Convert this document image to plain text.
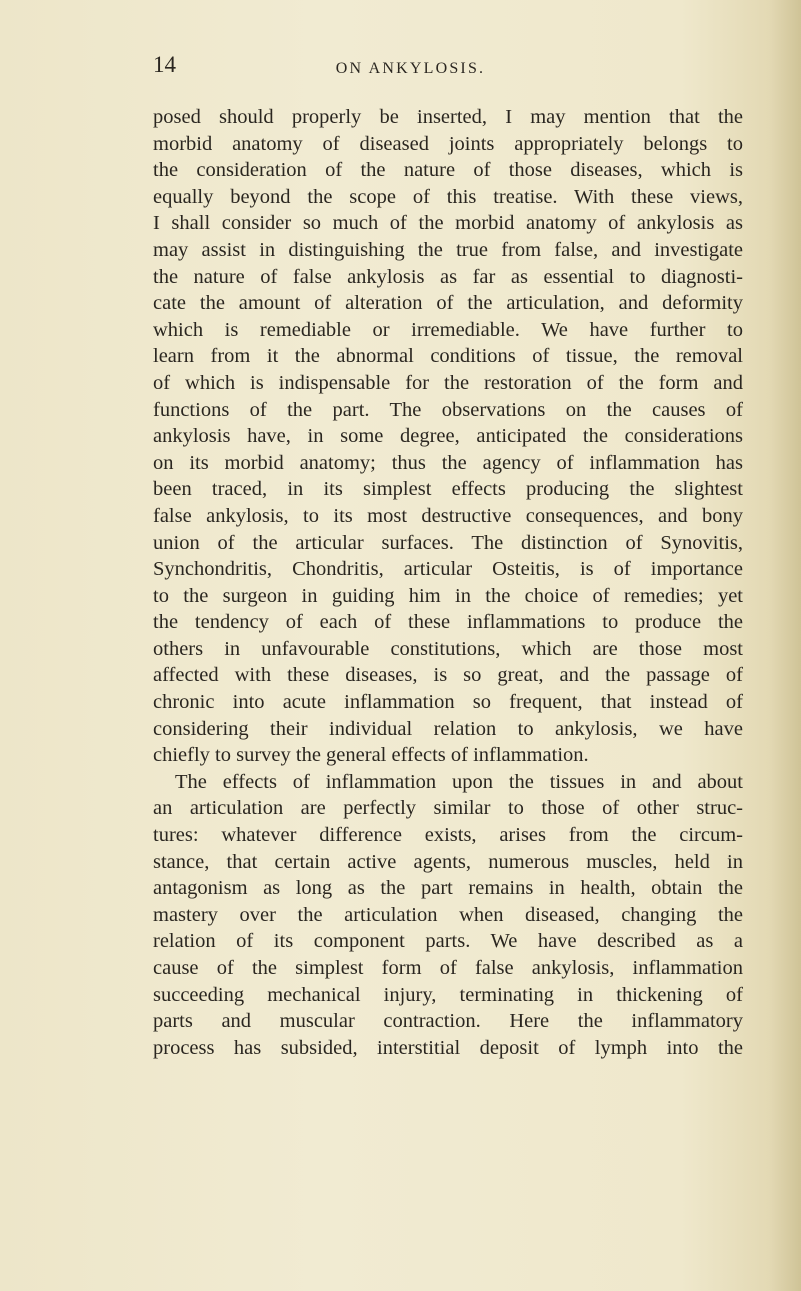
14	ON ANKYLOSIS.
posed should properly be inserted, I may mention that the
morbid anatomy of diseased joints appropriately belongs to
the consideration of the nature of those diseases, which is
equally beyond the scope of this treatise. With these views,
I shall consider so much of the morbid anatomy of ankylosis as
may assist in distinguishing the true from false, and investigate
the nature of false ankylosis as far as essential to diagnosti-
cate the amount of alteration of the articulation, and deformity
which is remediable or irremediable. We have further to
learn from it the abnormal conditions of tissue, the removal
of which is indispensable for the restoration of the form and
functions of the part. The observations on the causes of
ankylosis have, in some degree, anticipated the considerations
on its morbid anatomy; thus the agency of inflammation has
been traced, in its simplest effects producing the slightest
false ankylosis, to its most destructive consequences, and bony
union of the articular surfaces. The distinction of Synovitis,
Synchondritis, Chondritis, articular Osteitis, is of importance
to the surgeon in guiding him in the choice of remedies; yet
the tendency of each of these inflammations to produce the
others in unfavourable constitutions, which are those most
affected with these diseases, is so great, and the passage of
chronic into acute inflammation so frequent, that instead of
considering their individual relation to ankylosis, we have
chiefly to survey the general effects of inflammation.
The effects of inflammation upon the tissues in and about
an articulation are perfectly similar to those of other struc-
tures: whatever difference exists, arises from the circum-
stance, that certain active agents, numerous muscles, held in
antagonism as long as the part remains in health, obtain the
mastery over the articulation when diseased, changing the
relation of its component parts. We have described as a
cause of the simplest form of false ankylosis, inflammation
succeeding mechanical injury, terminating in thickening of
parts and muscular contraction. Here the inflammatory
process has subsided, interstitial deposit of lymph into the
